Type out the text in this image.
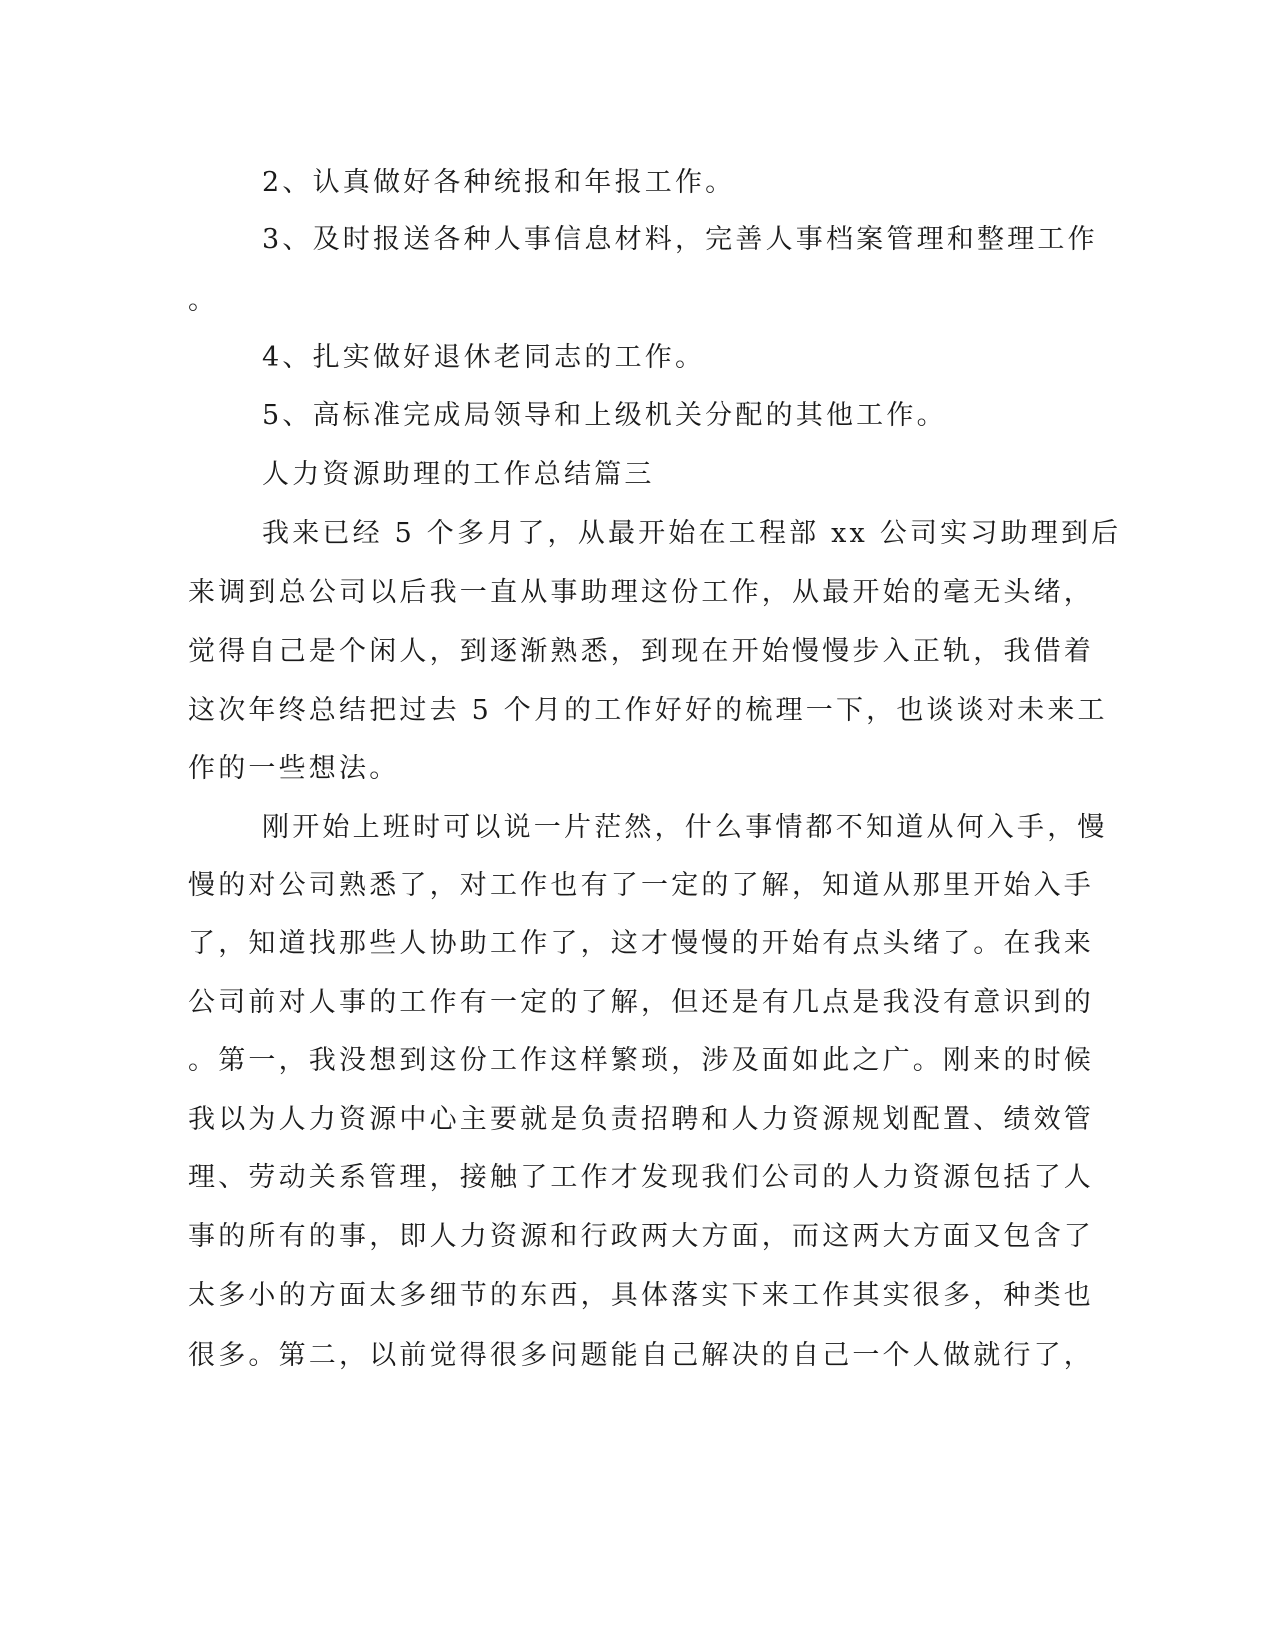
2、认真做好各种统报和年报工作。
3、及时报送各种人事信息材料，完善人事档案管理和整理工作
。
4、扎实做好退休老同志的工作。
5、高标准完成局领导和上级机关分配的其他工作。
人力资源助理的工作总结篇三
我来已经 5 个多月了，从最开始在工程部 xx 公司实习助理到后
来调到总公司以后我一直从事助理这份工作，从最开始的毫无头绪，
觉得自己是个闲人，到逐渐熟悉，到现在开始慢慢步入正轨，我借着
这次年终总结把过去 5 个月的工作好好的梳理一下，也谈谈对未来工
作的一些想法。
刚开始上班时可以说一片茫然，什么事情都不知道从何入手，慢
慢的对公司熟悉了，对工作也有了一定的了解，知道从那里开始入手
了，知道找那些人协助工作了，这才慢慢的开始有点头绪了。在我来
公司前对人事的工作有一定的了解，但还是有几点是我没有意识到的
。第一，我没想到这份工作这样繁琐，涉及面如此之广。刚来的时候
我以为人力资源中心主要就是负责招聘和人力资源规划配置、绩效管
理、劳动关系管理，接触了工作才发现我们公司的人力资源包括了人
事的所有的事，即人力资源和行政两大方面，而这两大方面又包含了
太多小的方面太多细节的东西，具体落实下来工作其实很多，种类也
很多。第二，以前觉得很多问题能自己解决的自己一个人做就行了，
